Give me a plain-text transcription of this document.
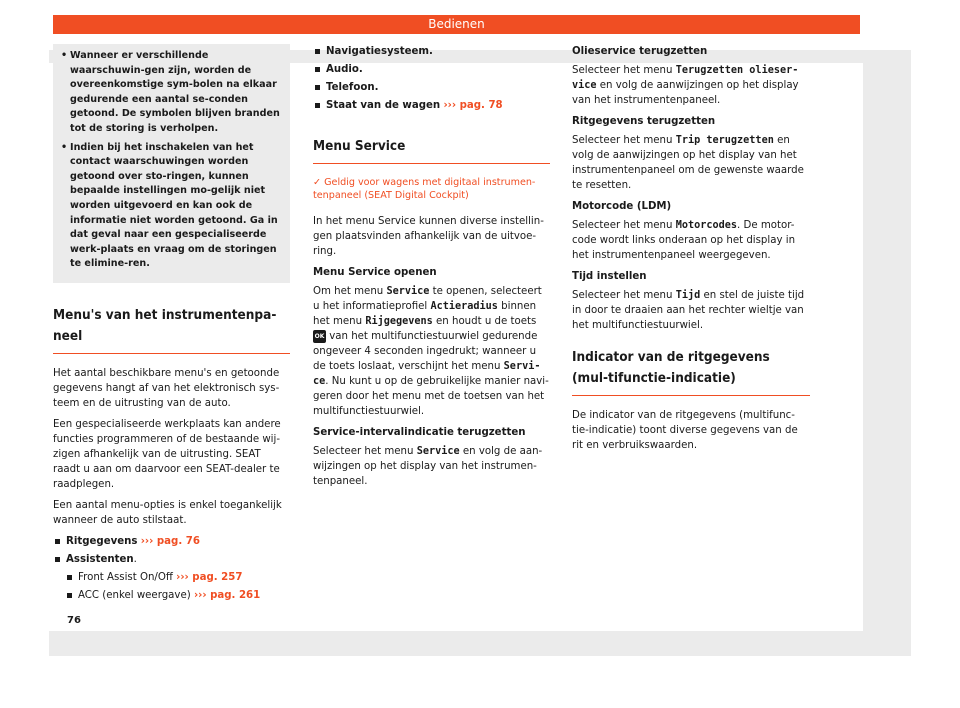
76
Bedienen
• Wanneer er verschillende waarschuwin-gen zijn, worden de overeenkomstige sym-bolen na elkaar gedurende een aantal se-conden getoond. De symbolen blijven branden tot de storing is verholpen.
• Indien bij het inschakelen van het contact waarschuwingen worden getoond over sto-ringen, kunnen bepaalde instellingen mo-gelijk niet worden uitgevoerd en kan ook de informatie niet worden getoond. Ga in dat geval naar een gespecialiseerde werk-plaats en vraag om de storingen te elimine-ren.
Menu's van het instrumentenpa-neel

Het aantal beschikbare menu's en getoonde gegevens hangt af van het elektronisch sys-teem en de uitrusting van de auto.

Een gespecialiseerde werkplaats kan andere functies programmeren of de bestaande wij-zigen afhankelijk van de uitrusting. SEAT raadt u aan om daarvoor een SEAT-dealer te raadplegen.

Een aantal menu-opties is enkel toegankelijk wanneer de auto stilstaat.

Ritgegevens ››› pag. 76
Assistenten.
Front Assist On/Off ››› pag. 257
ACC (enkel weergave) ››› pag. 261
Navigatiesysteem.
Audio.
Telefoon.
Staat van de wagen ››› pag. 78
Menu Service
✓ Geldig voor wagens met digitaal instrumen-tenpaneel (SEAT Digital Cockpit)

In het menu Service kunnen diverse instellin-gen plaatsvinden afhankelijk van de uitvoe-ring.

Menu Service openen

Om het menu Service te openen, selecteert u het informatieprofiel Actieradius binnen het menu Rijgegevens en houdt u de toets OK van het multifunctiestuurwiel gedurende ongeveer 4 seconden ingedrukt; wanneer u de toets loslaat, verschijnt het menu Servi-ce. Nu kunt u op de gebruikelijke manier navi-geren door het menu met de toetsen van het multifunctiestuurwiel.

Service-intervalindicatie terugzetten

Selecteer het menu Service en volg de aan-wijzingen op het display van het instrumen-tenpaneel.

Olieservice terugzetten

Selecteer het menu Terugzetten olieser-vice en volg de aanwijzingen op het display van het instrumentenpaneel.

Ritgegevens terugzetten

Selecteer het menu Trip terugzetten en volg de aanwijzingen op het display van het instrumentenpaneel om de gewenste waarde te resetten.

Motorcode (LDM)

Selecteer het menu Motorcodes. De motor-code wordt links onderaan op het display in het instrumentenpaneel weergegeven.

Tijd instellen

Selecteer het menu Tijd en stel de juiste tijd in door te draaien aan het rechter wieltje van het multifunctiestuurwiel.

Indicator van de ritgegevens (mul-tifunctie-indicatie)

De indicator van de ritgegevens (multifunc-tie-indicatie) toont diverse gegevens van de rit en verbruikswaarden.
